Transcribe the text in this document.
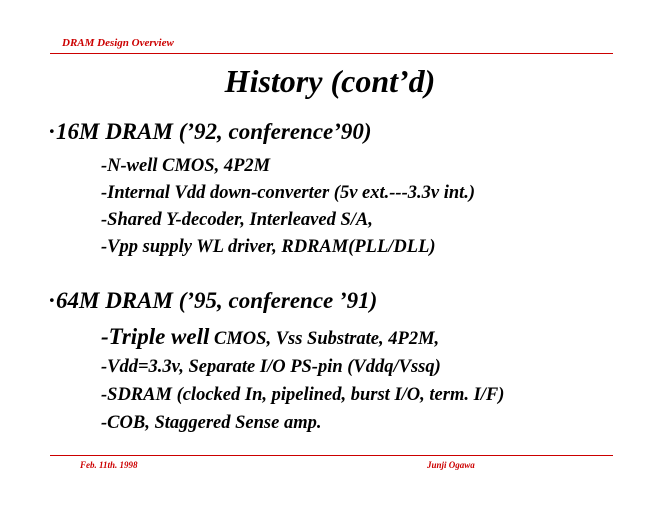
DRAM Design Overview
History (cont’d)
·16M DRAM (’92, conference’90)
-N-well CMOS, 4P2M
-Internal Vdd down-converter (5v ext.---3.3v int.)
-Shared Y-decoder, Interleaved S/A,
-Vpp supply WL driver, RDRAM(PLL/DLL)
·64M DRAM (’95, conference ’91)
-Triple well CMOS, Vss Substrate, 4P2M,
-Vdd=3.3v, Separate I/O PS-pin (Vddq/Vssq)
-SDRAM (clocked In, pipelined, burst I/O, term. I/F)
-COB, Staggered Sense amp.
Feb. 11th. 1998	Junji Ogawa
